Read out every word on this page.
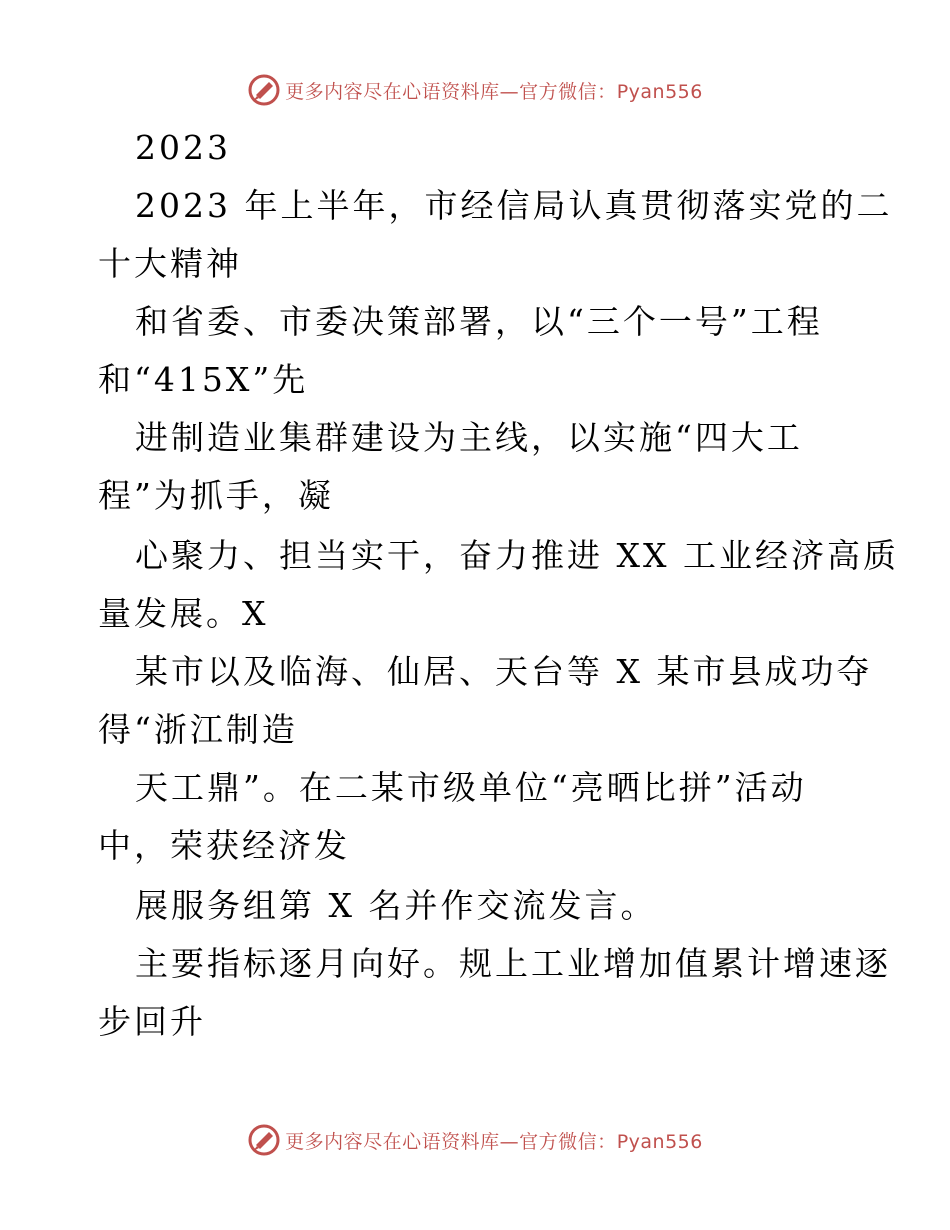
更多内容尽在心语资料库—官方微信：Pyan556
2023
2023 年上半年，市经信局认真贯彻落实党的二
十大精神
和省委、市委决策部署，以“三个一号”工程
和“415X”先
进制造业集群建设为主线，以实施“四大工
程”为抓手，凝
心聚力、担当实干，奋力推进 XX 工业经济高质
量发展。X
某市以及临海、仙居、天台等 X 某市县成功夺
得“浙江制造
天工鼎”。在二某市级单位“亮晒比拼”活动
中，荣获经济发
展服务组第 X 名并作交流发言。
主要指标逐月向好。规上工业增加值累计增速逐
步回升
更多内容尽在心语资料库—官方微信：Pyan556
